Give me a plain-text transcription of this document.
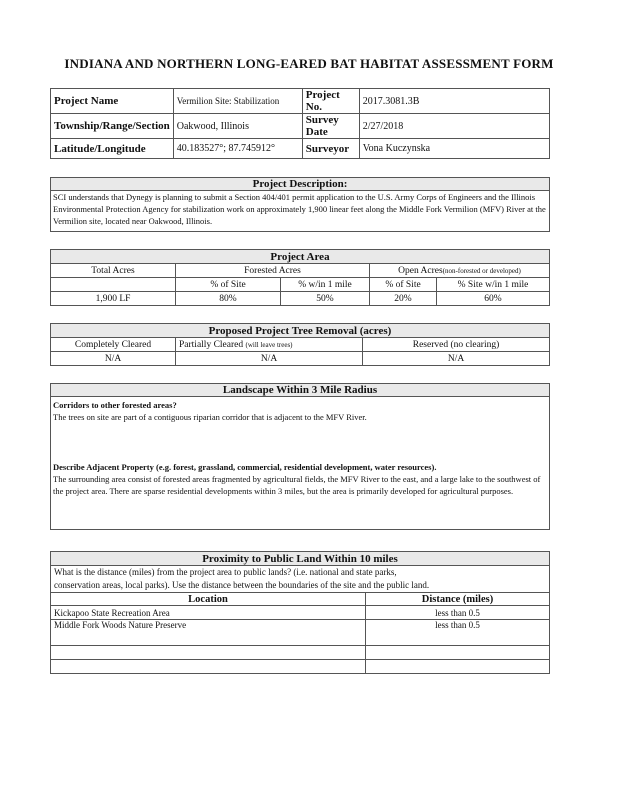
INDIANA AND NORTHERN LONG-EARED BAT HABITAT ASSESSMENT FORM
Project Name	Vermilion Site: Stabilization	Project No.	2017.3081.3B
Township/Range/Section	Oakwood, Illinois	Survey Date	2/27/2018
Latitude/Longitude	40.183527°; 87.745912°	Surveyor	Vona Kuczynska
Project Description:
SCI understands that Dynegy is planning to submit a Section 404/401 permit application to the U.S. Army Corps of Engineers and the Illinois Environmental Protection Agency for stabilization work on approximately 1,900 linear feet along the Middle Fork Vermilion (MFV) River at the Vermilion site, located near Oakwood, Illinois.
Project Area				
Total Acres	Forested Acres		Open Acres(non-forested or developed)	
	% of Site	% w/in 1 mile	% of Site	% Site w/in 1 mile
1,900 LF	80%	50%	20%	60%
Proposed Project Tree Removal (acres)		
Completely Cleared	Partially Cleared (will leave trees)	Reserved (no clearing)
N/A	N/A	N/A
Landscape Within 3 Mile Radius
Corridors to other forested areas?
The trees on site are part of a contiguous riparian corridor that is adjacent to the MFV River.
Describe Adjacent Property (e.g. forest, grassland, commercial, residential development, water resources).
The surrounding area consist of forested areas fragmented by agricultural fields, the MFV River to the east, and a large lake to the southwest of the project area. There are sparse residential developments within 3 miles, but the area is primarily developed for agricultural purposes.
Proximity to Public Land Within 10 miles	

What is the distance (miles) from the project area to public lands? (i.e. national and state parks,
conservation areas, local parks). Use the distance between the boundaries of the site and the public land.	

Location	Distance (miles)
Kickapoo State Recreation Area	less than 0.5
Middle Fork Woods Nature Preserve	less than 0.5
